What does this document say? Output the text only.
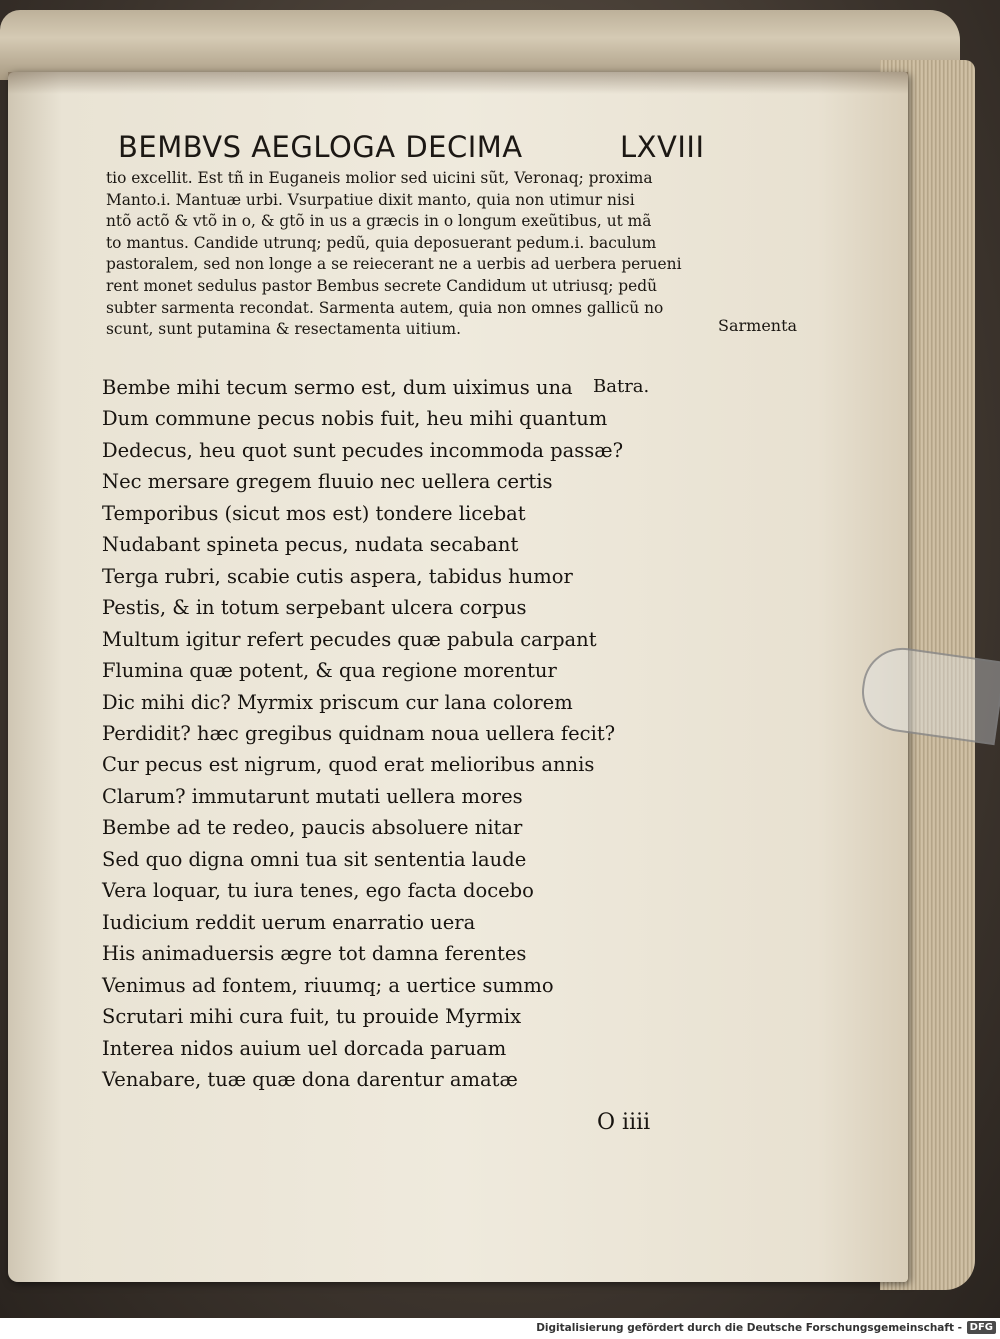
BEMBVS AEGLOGA DECIMA	LXVIII
tio excellit. Est tñ in Euganeis molior sed uicini sũt, Veronaq; proxima
Manto.i. Mantuæ urbi. Vsurpatiue dixit manto, quia non utimur nisi
ntõ actõ & vtõ in o, & gtõ in us a græcis in o longum exeũtibus, ut mã
to mantus. Candide utrunq; pedũ, quia deposuerant pedum.i. baculum
pastoralem, sed non longe a se reiecerant ne a uerbis ad uerbera perueni
rent monet sedulus pastor Bembus secrete Candidum ut utriusq; pedũ
subter sarmenta recondat. Sarmenta autem, quia non omnes gallicũ no
scunt, sunt putamina & resectamenta uitium.	Sarmenta
Batra.
Bembe mihi tecum sermo est, dum uiximus una
Dum commune pecus nobis fuit, heu mihi quantum
Dedecus, heu quot sunt pecudes incommoda passæ?
Nec mersare gregem fluuio nec uellera certis
Temporibus (sicut mos est) tondere licebat
Nudabant spineta pecus, nudata secabant
Terga rubri, scabie cutis aspera, tabidus humor
Pestis, & in totum serpebant ulcera corpus
Multum igitur refert pecudes quæ pabula carpant
Flumina quæ potent, & qua regione morentur
Dic mihi dic? Myrmix priscum cur lana colorem
Perdidit? hæc gregibus quidnam noua uellera fecit?
Cur pecus est nigrum, quod erat melioribus annis
Clarum? immutarunt mutati uellera mores
Bembe ad te redeo, paucis absoluere nitar
Sed quo digna omni tua sit sententia laude
Vera loquar, tu iura tenes, ego facta docebo
Iudicium reddit uerum enarratio uera
His animaduersis ægre tot damna ferentes
Venimus ad fontem, riuumq; a uertice summo
Scrutari mihi cura fuit, tu prouide Myrmix
Interea nidos auium uel dorcada paruam
Venabare, tuæ quæ dona darentur amatæ
O iiii
Digitalisierung gefördert durch die Deutsche Forschungsgemeinschaft - DFG
